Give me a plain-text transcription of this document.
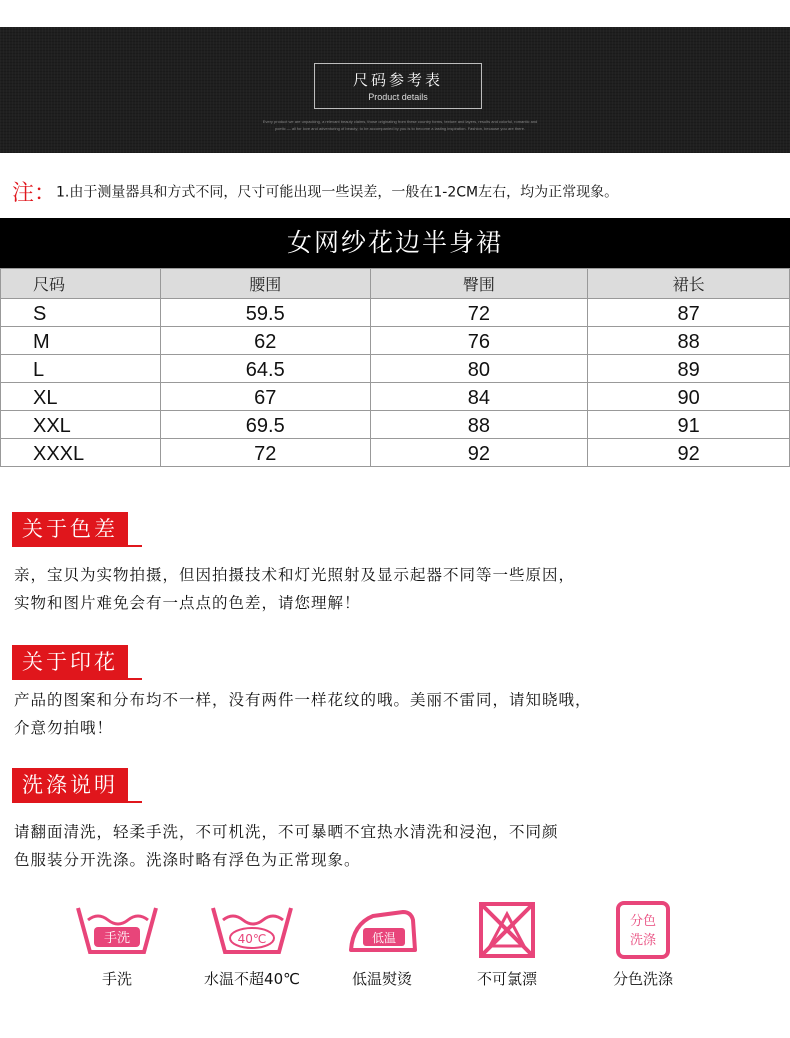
尺码参考表
Product details
Every product we are unpacking, a relevant beauty claims, those originating from these country forms, texture and layers, results and colorful, romantic and
poetic — all for love and adventuring of beauty; to be accompanied by you is to become a lasting inspiration. Fashion, because you are there.
注：1.由于测量器具和方式不同，尺寸可能出现一些误差，一般在1-2CM左右，均为正常现象。
女网纱花边半身裙
尺码	腰围	臀围	裙长
S	59.5	72	87
M	62	76	88
L	64.5	80	89
XL	67	84	90
XXL	69.5	88	91
XXXL	72	92	92
关于色差
亲，宝贝为实物拍摄，但因拍摄技术和灯光照射及显示起器不同等一些原因，
实物和图片难免会有一点点的色差，请您理解！
关于印花
产品的图案和分布均不一样，没有两件一样花纹的哦。美丽不雷同，请知晓哦，
介意勿拍哦！
洗涤说明
请翻面清洗，轻柔手洗，不可机洗，不可暴晒不宜热水清洗和浸泡，不同颜
色服装分开洗涤。洗涤时略有浮色为正常现象。
手洗
手洗
40℃
水温不超40℃
低温
低温熨烫	不可氯漂
分色
洗涤
分色洗涤
